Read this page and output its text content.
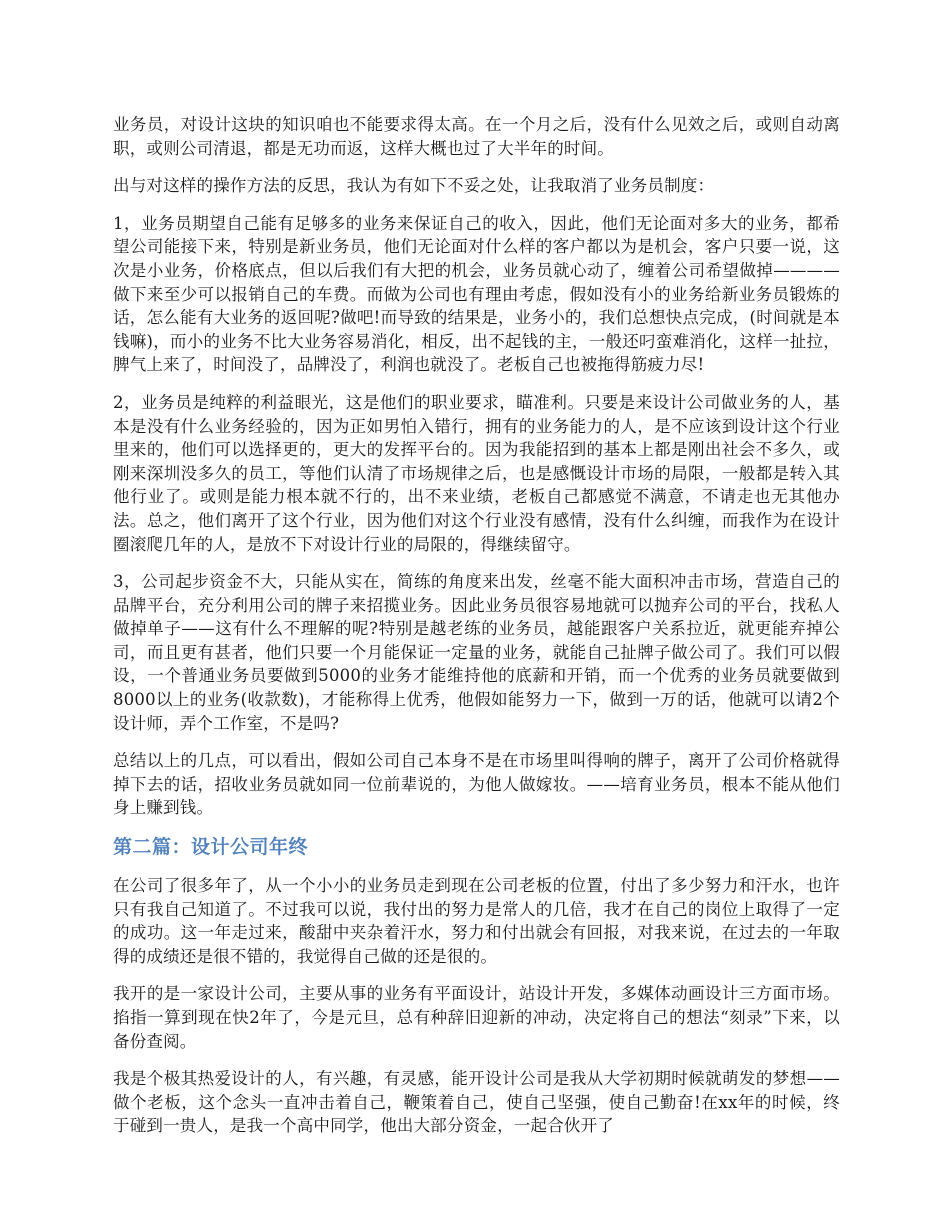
业务员，对设计这块的知识咱也不能要求得太高。在一个月之后，没有什么见效之后，或则自动离职，或则公司清退，都是无功而返，这样大概也过了大半年的时间。

出与对这样的操作方法的反思，我认为有如下不妥之处，让我取消了业务员制度：

1，业务员期望自己能有足够多的业务来保证自己的收入，因此，他们无论面对多大的业务，都希望公司能接下来，特别是新业务员，他们无论面对什么样的客户都以为是机会，客户只要一说，这次是小业务，价格底点，但以后我们有大把的机会，业务员就心动了，缠着公司希望做掉————做下来至少可以报销自己的车费。而做为公司也有理由考虑，假如没有小的业务给新业务员锻炼的话，怎么能有大业务的返回呢?做吧!而导致的结果是，业务小的，我们总想快点完成，(时间就是本钱嘛)，而小的业务不比大业务容易消化，相反，出不起钱的主，一般还叼蛮难消化，这样一扯拉，脾气上来了，时间没了，品牌没了，利润也就没了。老板自己也被拖得筋疲力尽!

2，业务员是纯粹的利益眼光，这是他们的职业要求，瞄准利。只要是来设计公司做业务的人，基本是没有什么业务经验的，因为正如男怕入错行，拥有的业务能力的人，是不应该到设计这个行业里来的，他们可以选择更的，更大的发挥平台的。因为我能招到的基本上都是刚出社会不多久，或刚来深圳没多久的员工，等他们认清了市场规律之后，也是感慨设计市场的局限，一般都是转入其他行业了。或则是能力根本就不行的，出不来业绩，老板自己都感觉不满意，不请走也无其他办法。总之，他们离开了这个行业，因为他们对这个行业没有感情，没有什么纠缠，而我作为在设计圈滚爬几年的人，是放不下对设计行业的局限的，得继续留守。

3，公司起步资金不大，只能从实在，简练的角度来出发，丝毫不能大面积冲击市场，营造自己的品牌平台，充分利用公司的牌子来招揽业务。因此业务员很容易地就可以抛弃公司的平台，找私人做掉单子——这有什么不理解的呢?特别是越老练的业务员，越能跟客户关系拉近，就更能弃掉公司，而且更有甚者，他们只要一个月能保证一定量的业务，就能自己扯牌子做公司了。我们可以假设，一个普通业务员要做到5000的业务才能维持他的底薪和开销，而一个优秀的业务员就要做到8000以上的业务(收款数)，才能称得上优秀，他假如能努力一下，做到一万的话，他就可以请2个设计师，弄个工作室，不是吗?

总结以上的几点，可以看出，假如公司自己本身不是在市场里叫得响的牌子，离开了公司价格就得掉下去的话，招收业务员就如同一位前辈说的，为他人做嫁妆。——培育业务员，根本不能从他们身上赚到钱。

第二篇：设计公司年终

在公司了很多年了，从一个小小的业务员走到现在公司老板的位置，付出了多少努力和汗水，也许只有我自己知道了。不过我可以说，我付出的努力是常人的几倍，我才在自己的岗位上取得了一定的成功。这一年走过来，酸甜中夹杂着汗水，努力和付出就会有回报，对我来说，在过去的一年取得的成绩还是很不错的，我觉得自己做的还是很的。

我开的是一家设计公司，主要从事的业务有平面设计，站设计开发，多媒体动画设计三方面市场。掐指一算到现在快2年了，今是元旦，总有种辞旧迎新的冲动，决定将自己的想法“刻录”下来，以备份查阅。

我是个极其热爱设计的人，有兴趣，有灵感，能开设计公司是我从大学初期时候就萌发的梦想——做个老板，这个念头一直冲击着自己，鞭策着自己，使自己坚强，使自己勤奋!在xx年的时候，终于碰到一贵人，是我一个高中同学，他出大部分资金，一起合伙开了
